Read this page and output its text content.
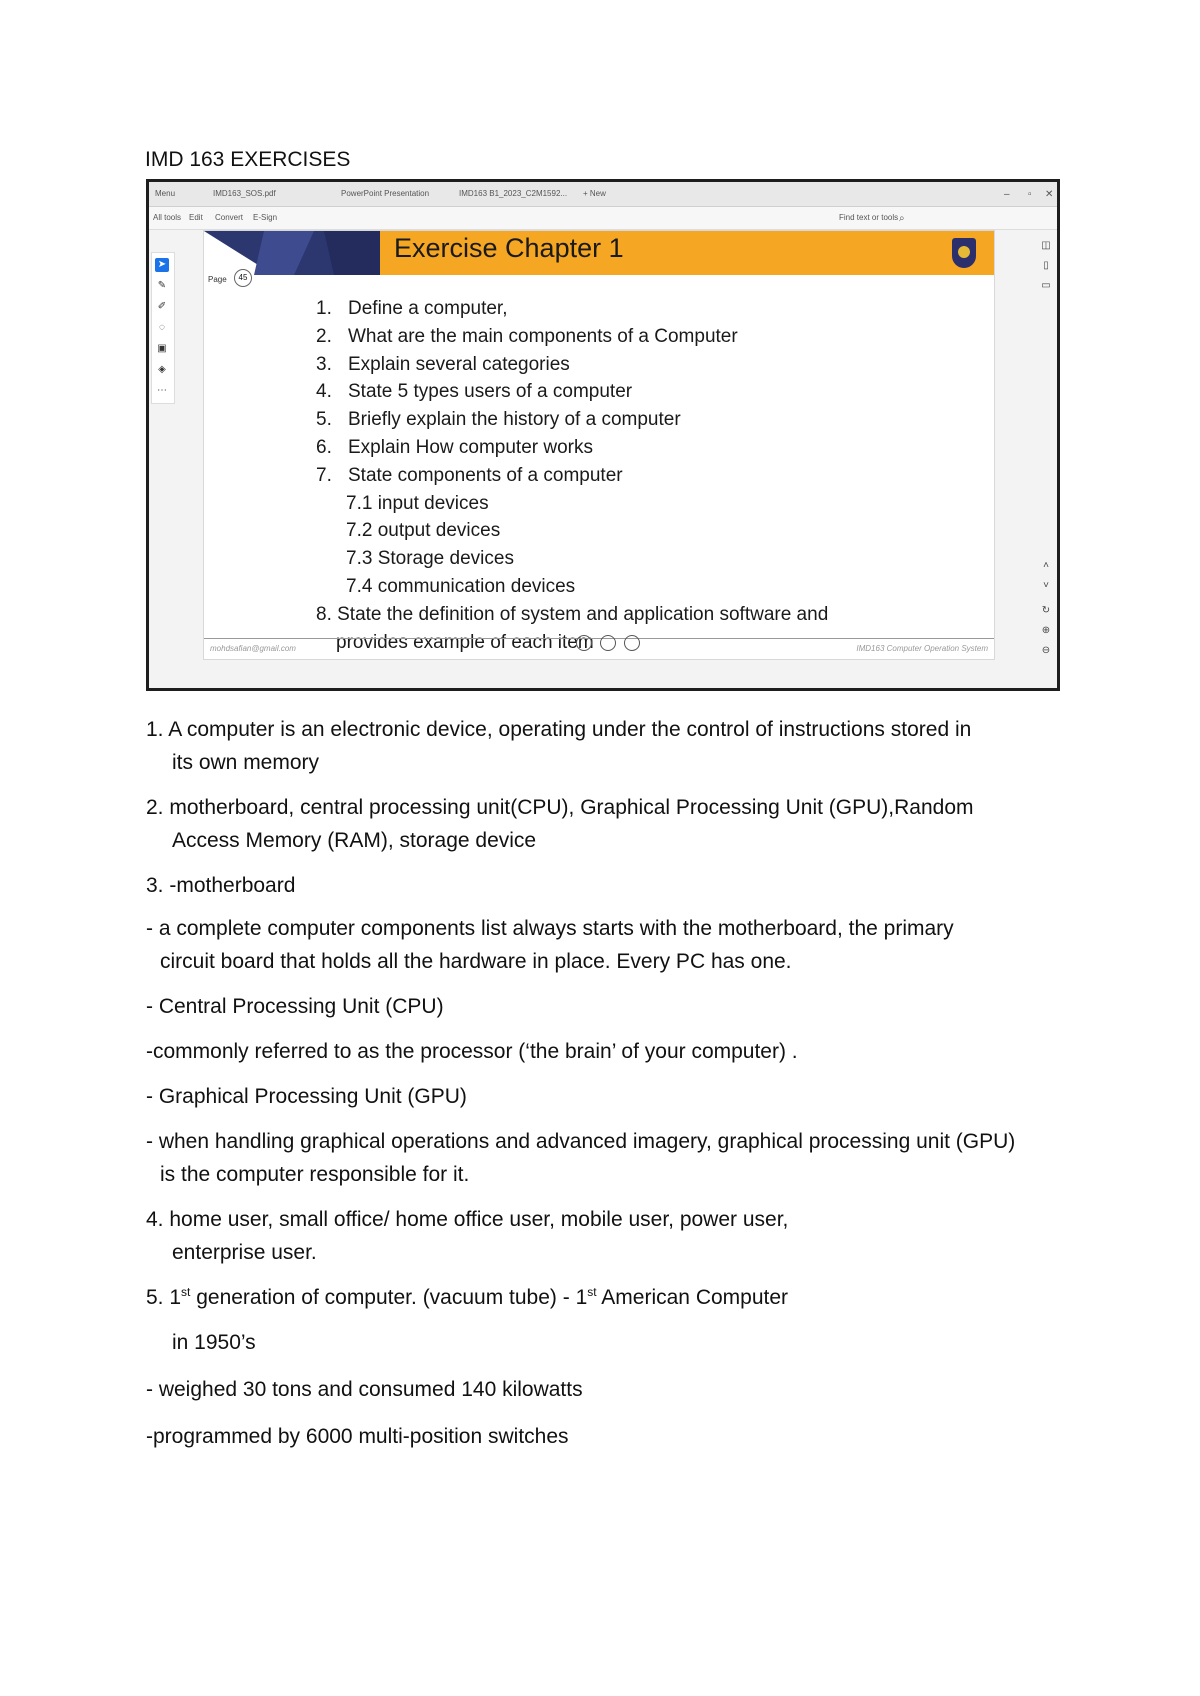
IMD 163 EXERCISES
Menu	IMD163_SOS.pdf	PowerPoint Presentation	IMD163 B1_2023_C2M1592... + New	– ▫ ✕
All tools Edit Convert E-Sign	Find text or tools ⌕
➤
✎
✐
◌
▣
◈
⋯
Exercise Chapter 1
Page	45
1. Define a computer,
2. What are the main components of a Computer
3. Explain several categories
4. State 5 types users of a computer
5. Briefly explain the history of a computer
6. Explain How computer works
7. State components of a computer
7.1 input devices
7.2 output devices
7.3 Storage devices
7.4 communication devices
8. State the definition of system and application software and
provides example of each item
mohdsafian@gmail.com	IMD163 Computer Operation System
◫
▯
▭
˄
˅
↻
⊕
⊖

1. A computer is an electronic device, operating under the control of instructions stored in

its own memory

2. motherboard, central processing unit(CPU), Graphical Processing Unit (GPU),Random

Access Memory (RAM), storage device

3. -motherboard

- a complete computer components list always starts with the motherboard, the primary

circuit board that holds all the hardware in place. Every PC has one.

- Central Processing Unit (CPU)

-commonly referred to as the processor (‘the brain’ of your computer) .

- Graphical Processing Unit (GPU)

- when handling graphical operations and advanced imagery, graphical processing unit (GPU)

is the computer responsible for it.

4. home user, small office/ home office user, mobile user, power user,

enterprise user.

5. 1st generation of computer. (vacuum tube) - 1st American Computer

in 1950’s

- weighed 30 tons and consumed 140 kilowatts

-programmed by 6000 multi-position switches
